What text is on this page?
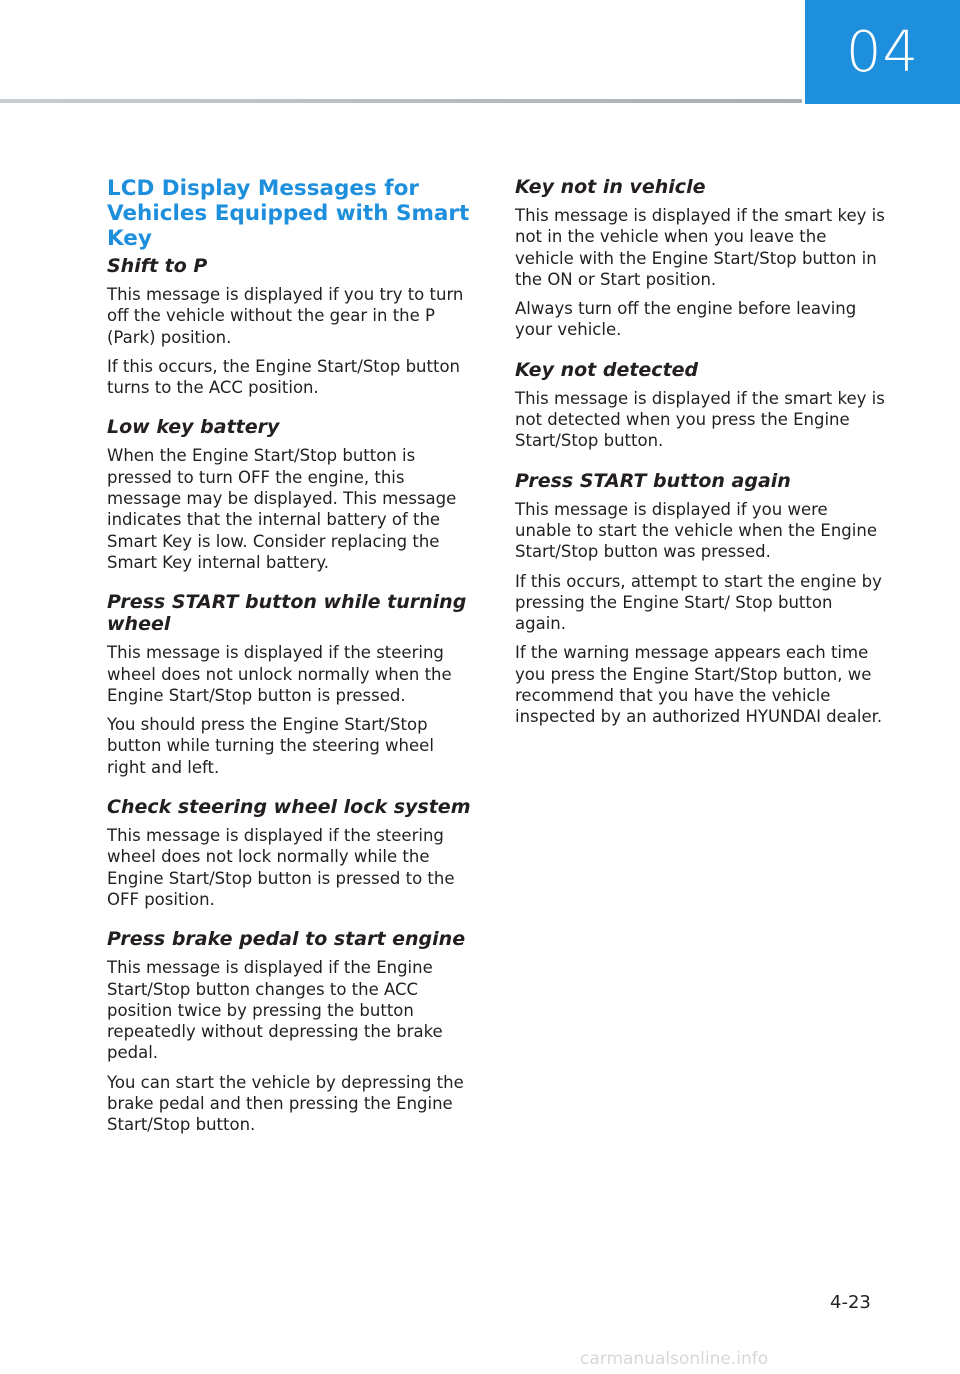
04
LCD Display Messages for Vehicles Equipped with Smart Key
Shift to P

This message is displayed if you try to turn off the vehicle without the gear in the P (Park) position.

If this occurs, the Engine Start/Stop button turns to the ACC position.

Low key battery

When the Engine Start/Stop button is pressed to turn OFF the engine, this message may be displayed. This message indicates that the internal battery of the Smart Key is low. Consider replacing the Smart Key internal battery.

Press START button while turning wheel

This message is displayed if the steering wheel does not unlock normally when the Engine Start/Stop button is pressed.

You should press the Engine Start/Stop button while turning the steering wheel right and left.

Check steering wheel lock system

This message is displayed if the steering wheel does not lock normally while the Engine Start/Stop button is pressed to the OFF position.

Press brake pedal to start engine

This message is displayed if the Engine Start/Stop button changes to the ACC position twice by pressing the button repeatedly without depressing the brake pedal.

You can start the vehicle by depressing the brake pedal and then pressing the Engine Start/Stop button.

Key not in vehicle

This message is displayed if the smart key is not in the vehicle when you leave the vehicle with the Engine Start/Stop button in the ON or Start position.

Always turn off the engine before leaving your vehicle.

Key not detected

This message is displayed if the smart key is not detected when you press the Engine Start/Stop button.

Press START button again

This message is displayed if you were unable to start the vehicle when the Engine Start/Stop button was pressed.

If this occurs, attempt to start the engine by pressing the Engine Start/ Stop button again.

If the warning message appears each time you press the Engine Start/Stop button, we recommend that you have the vehicle inspected by an authorized HYUNDAI dealer.

4-23
carmanualsonline.info
